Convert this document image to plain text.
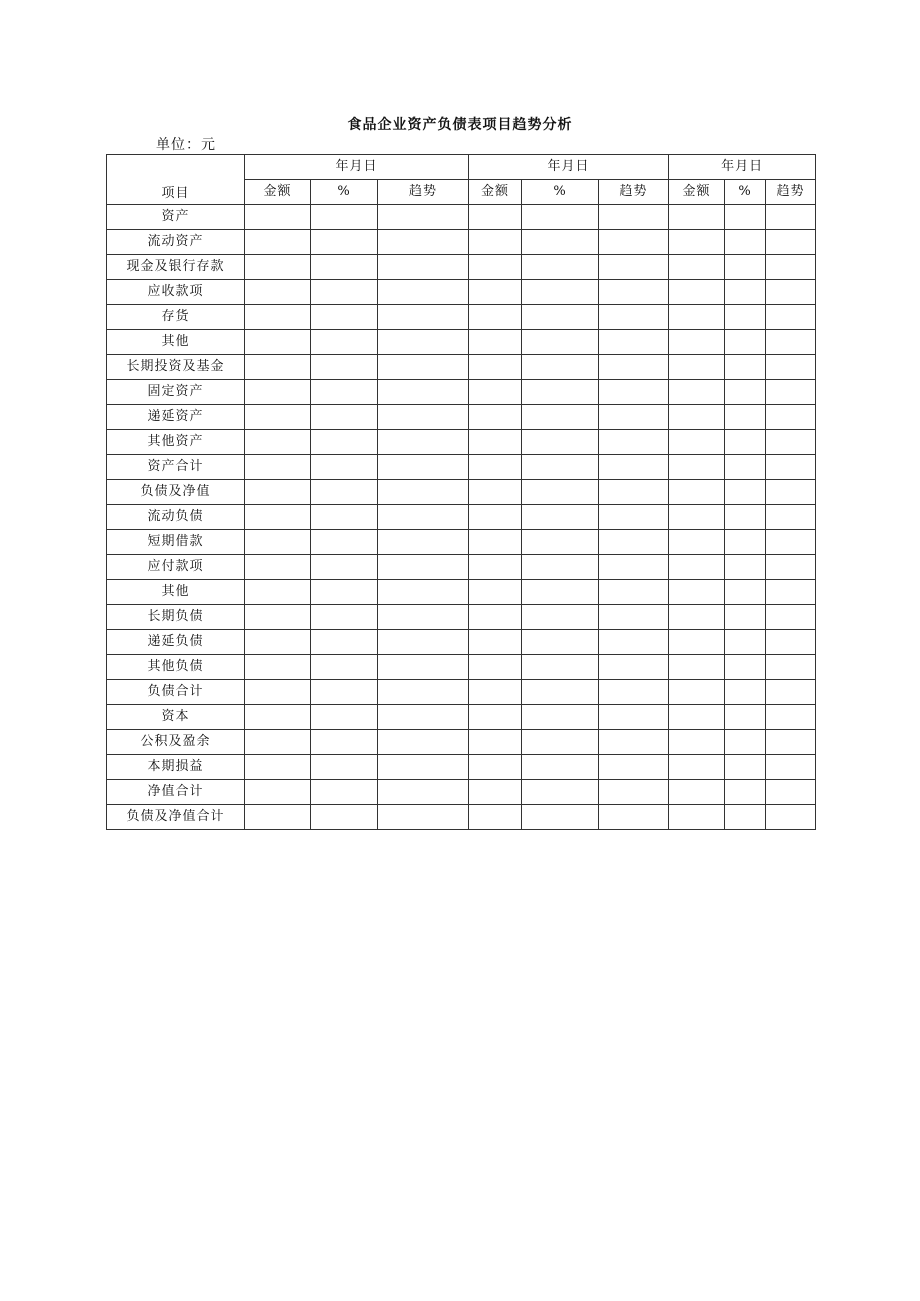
食品企业资产负债表项目趋势分析
单位：元
项目	年月日			年月日			年月日		
	金额	%	趋势	金额	%	趋势	金额	%	趋势
资产									
流动资产									
现金及银行存款									
应收款项									
存货									
其他									
长期投资及基金									
固定资产									
递延资产									
其他资产									
资产合计									
负债及净值									
流动负债									
短期借款									
应付款项									
其他									
长期负债									
递延负债									
其他负债									
负债合计									
资本									
公积及盈余									
本期损益									
净值合计									
负债及净值合计									
